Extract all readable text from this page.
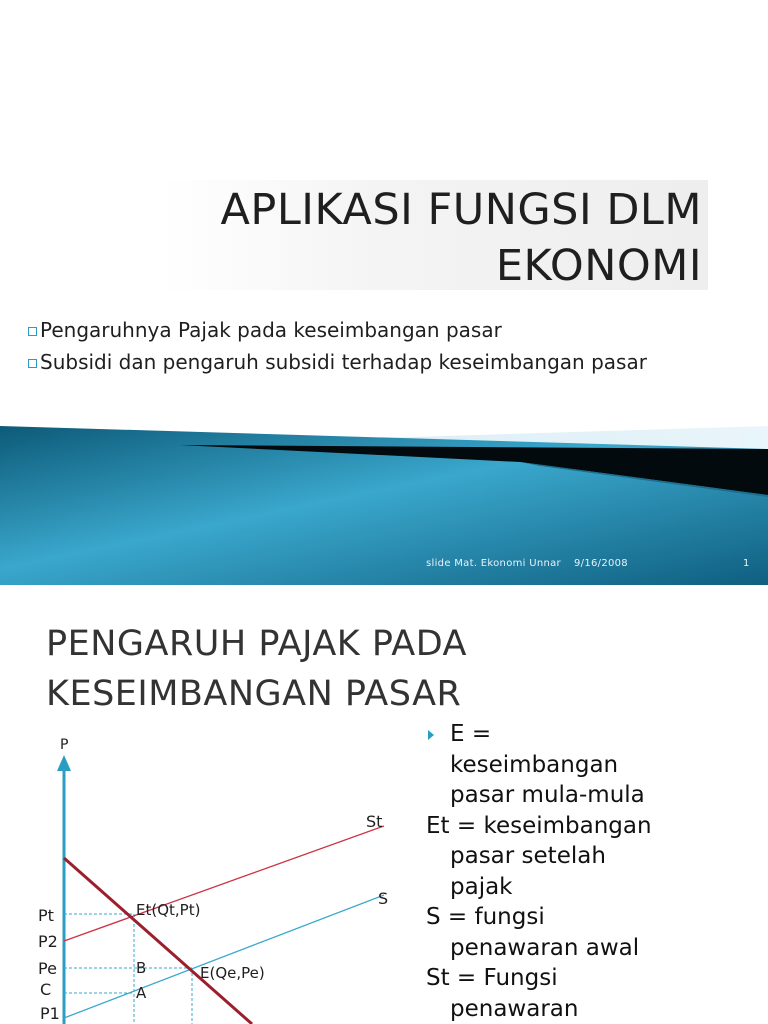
APLIKASI FUNGSI DLM
EKONOMI
Pengaruhnya Pajak pada keseimbangan pasar
Subsidi dan pengaruh subsidi terhadap keseimbangan pasar
slide Mat. Ekonomi Unnar 9/16/2008	1
PENGARUH PAJAK PADA
KESEIMBANGAN PASAR
P
St
S
Pt
P2
Pe
C
P1
Et(Qt,Pt)
B	E(Qe,Pe)
A
E =
keseimbangan
pasar mula-mula
Et = keseimbangan
pasar setelah
pajak
S = fungsi
penawaran awal
St = Fungsi
penawaran
